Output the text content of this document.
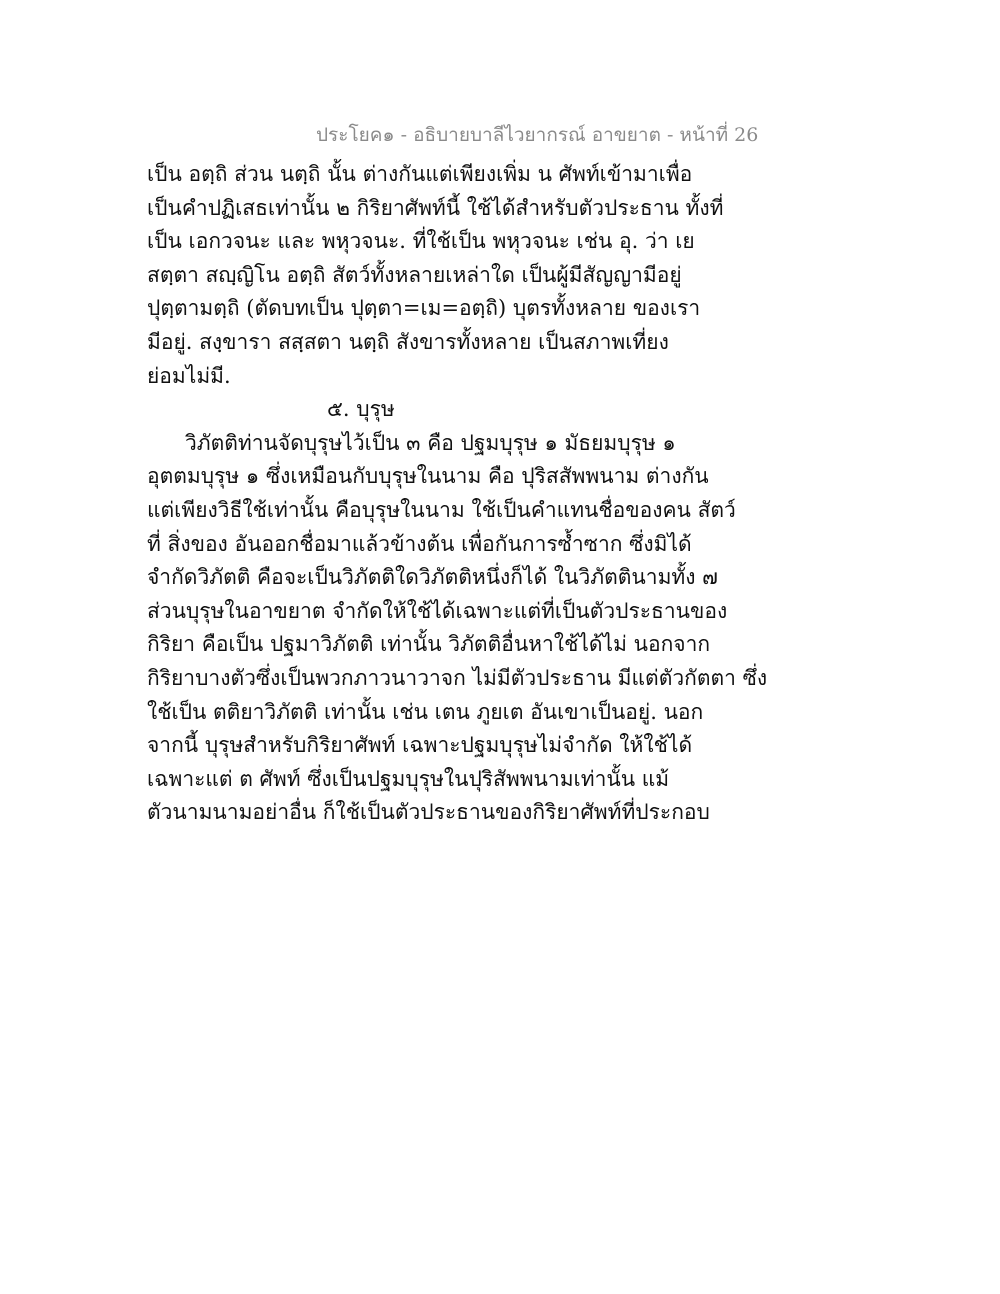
ประโยค๑ - อธิบายบาลีไวยากรณ์ อาขยาต - หน้าที่ 26
เป็น อตฺถิ ส่วน นตฺถิ นั้น ต่างกันแต่เพียงเพิ่ม น ศัพท์เข้ามาเพื่อ
เป็นคำปฏิเสธเท่านั้น ๒ กิริยาศัพท์นี้ ใช้ได้สำหรับตัวประธาน ทั้งที่
เป็น เอกวจนะ และ พหุวจนะ. ที่ใช้เป็น พหุวจนะ เช่น อุ. ว่า เย
สตฺตา สญฺญิโน อตฺถิ สัตว์ทั้งหลายเหล่าใด เป็นผู้มีสัญญามีอยู่
ปุตฺตามตฺถิ (ตัดบทเป็น ปุตฺตา=เม=อตฺถิ) บุตรทั้งหลาย ของเรา
มีอยู่. สงฺขารา สสฺสตา นตฺถิ สังขารทั้งหลาย เป็นสภาพเที่ยง
ย่อมไม่มี.
๕. บุรุษ
วิภัตติท่านจัดบุรุษไว้เป็น ๓ คือ ปฐมบุรุษ ๑ มัธยมบุรุษ ๑
อุตตมบุรุษ ๑ ซึ่งเหมือนกับบุรุษในนาม คือ ปุริสสัพพนาม ต่างกัน
แต่เพียงวิธีใช้เท่านั้น คือบุรุษในนาม ใช้เป็นคำแทนชื่อของคน สัตว์
ที่ สิ่งของ อันออกชื่อมาแล้วข้างต้น เพื่อกันการซ้ำซาก ซึ่งมิได้
จำกัดวิภัตติ คือจะเป็นวิภัตติใดวิภัตติหนึ่งก็ได้ ในวิภัตตินามทั้ง ๗
ส่วนบุรุษในอาขยาต จำกัดให้ใช้ได้เฉพาะแต่ที่เป็นตัวประธานของ
กิริยา คือเป็น ปฐมาวิภัตติ เท่านั้น วิภัตติอื่นหาใช้ได้ไม่ นอกจาก
กิริยาบางตัวซึ่งเป็นพวกภาวนาวาจก ไม่มีตัวประธาน มีแต่ตัวกัตตา ซึ่ง
ใช้เป็น ตติยาวิภัตติ เท่านั้น เช่น เตน ภูยเต อันเขาเป็นอยู่. นอก
จากนี้ บุรุษสำหรับกิริยาศัพท์ เฉพาะปฐมบุรุษไม่จำกัด ให้ใช้ได้
เฉพาะแต่ ต ศัพท์ ซึ่งเป็นปฐมบุรุษในปุริสัพพนามเท่านั้น แม้
ตัวนามนามอย่าอื่น ก็ใช้เป็นตัวประธานของกิริยาศัพท์ที่ประกอบ
